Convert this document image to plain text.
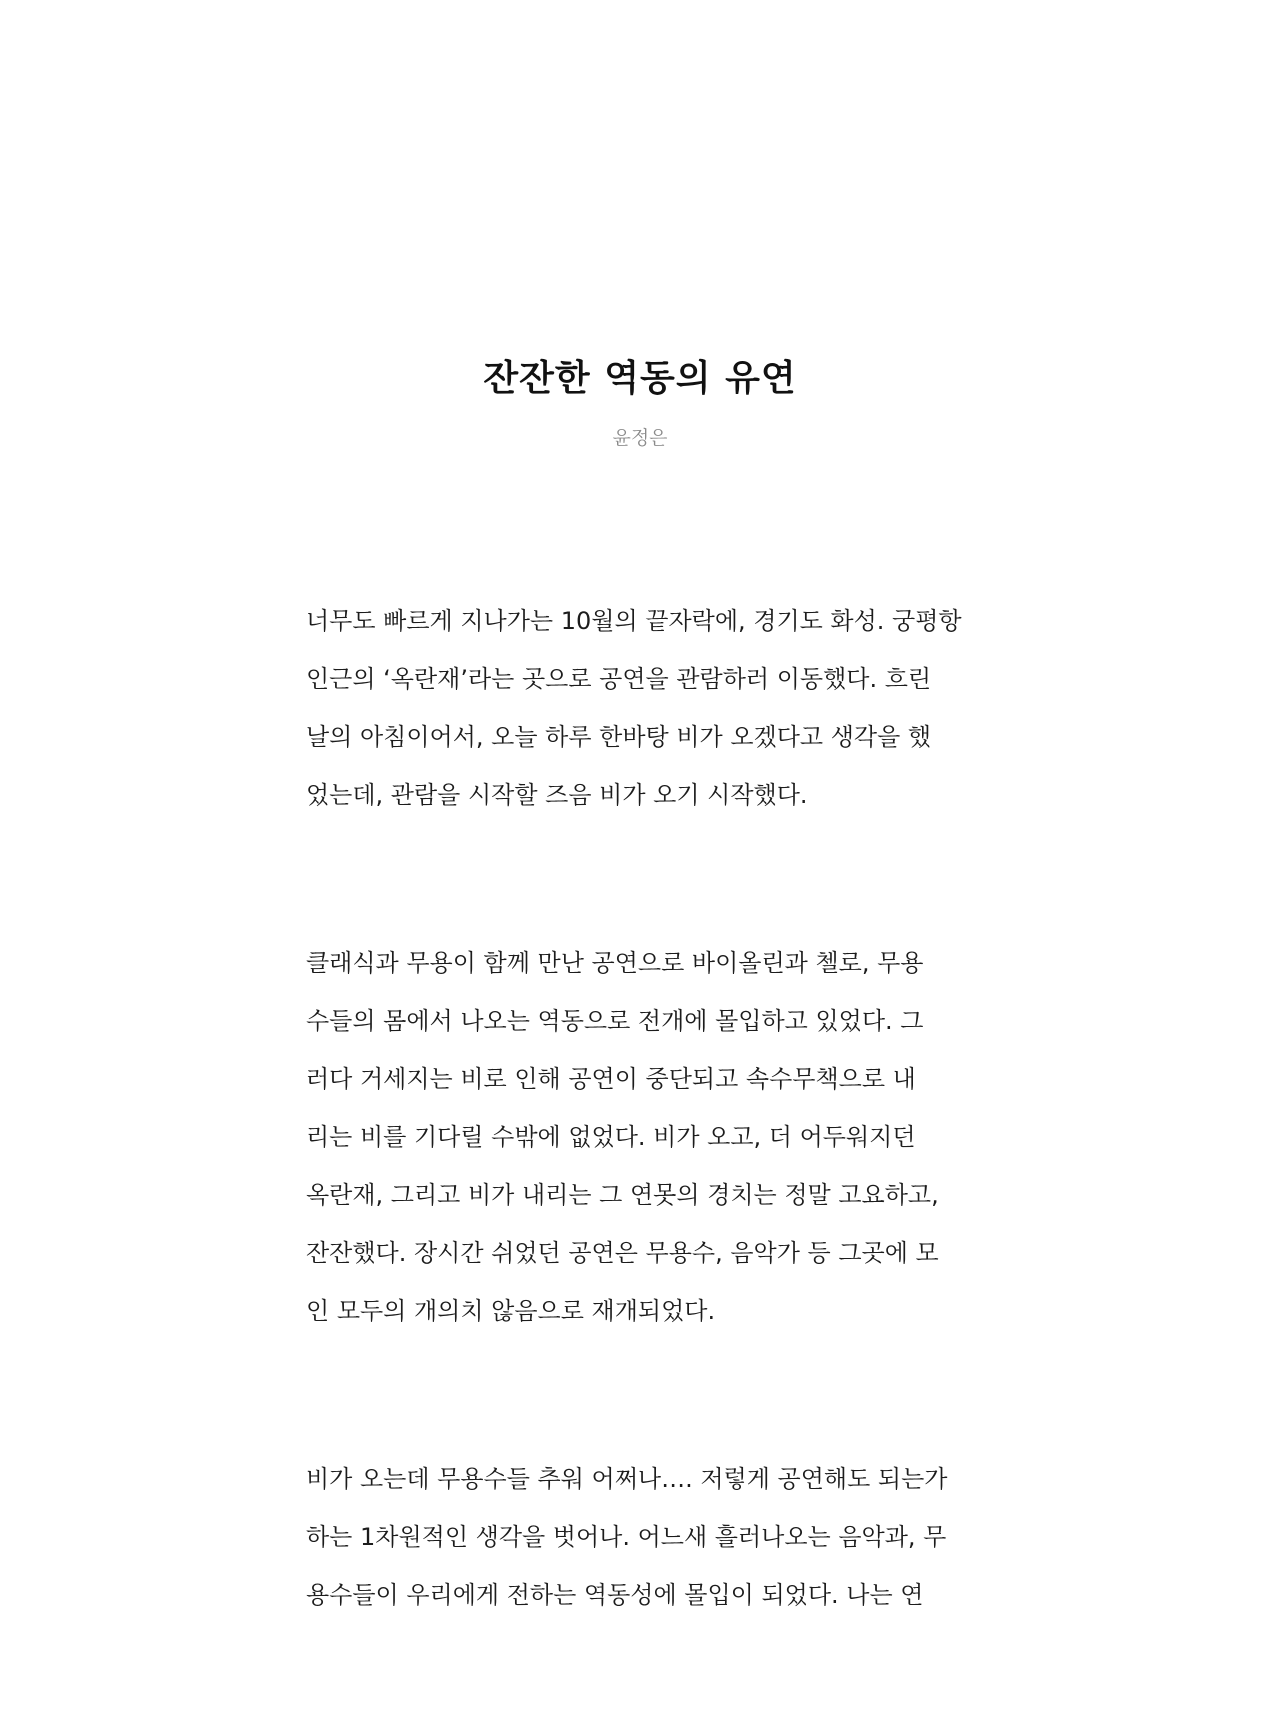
잔잔한 역동의 유연

윤정은

너무도 빠르게 지나가는 10월의 끝자락에, 경기도 화성. 궁평항
인근의 ‘옥란재’라는 곳으로 공연을 관람하러 이동했다. 흐린
날의 아침이어서, 오늘 하루 한바탕 비가 오겠다고 생각을 했
었는데, 관람을 시작할 즈음 비가 오기 시작했다.

클래식과 무용이 함께 만난 공연으로 바이올린과 첼로, 무용
수들의 몸에서 나오는 역동으로 전개에 몰입하고 있었다. 그
러다 거세지는 비로 인해 공연이 중단되고 속수무책으로 내
리는 비를 기다릴 수밖에 없었다. 비가 오고, 더 어두워지던
옥란재, 그리고 비가 내리는 그 연못의 경치는 정말 고요하고,
잔잔했다. 장시간 쉬었던 공연은 무용수, 음악가 등 그곳에 모
인 모두의 개의치 않음으로 재개되었다.

비가 오는데 무용수들 추워 어쩌나…. 저렇게 공연해도 되는가
하는 1차원적인 생각을 벗어나. 어느새 흘러나오는 음악과, 무
용수들이 우리에게 전하는 역동성에 몰입이 되었다. 나는 연
